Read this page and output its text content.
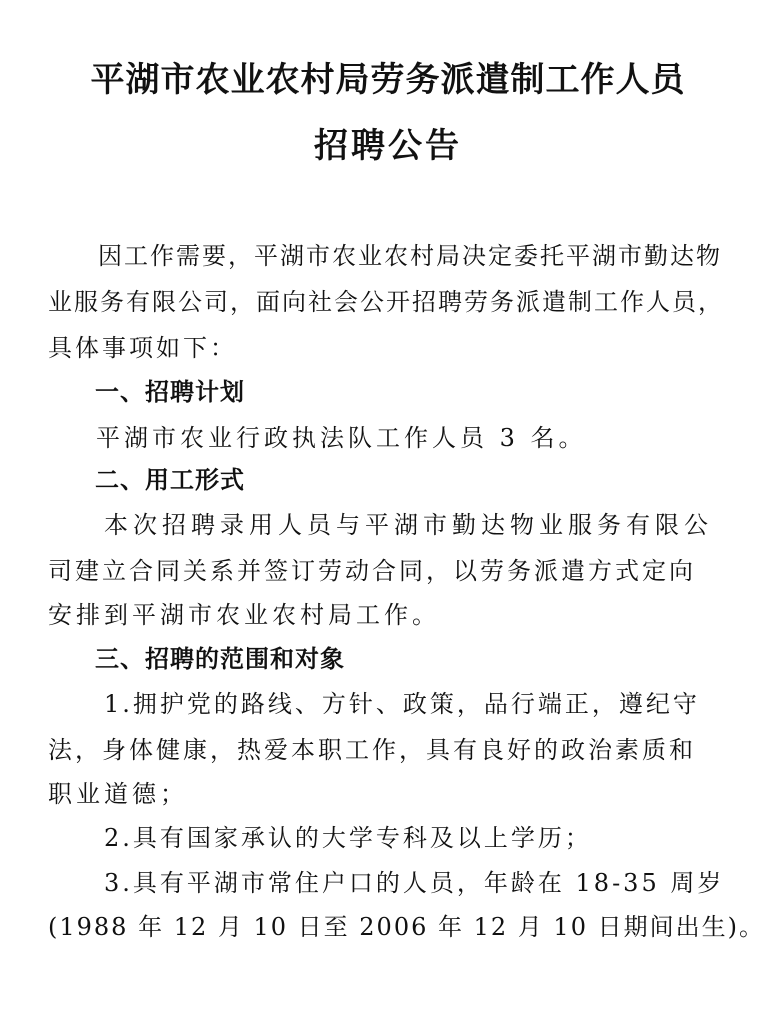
平湖市农业农村局劳务派遣制工作人员
招聘公告
因工作需要，平湖市农业农村局决定委托平湖市勤达物
业服务有限公司，面向社会公开招聘劳务派遣制工作人员，
具体事项如下：
一、招聘计划
平湖市农业行政执法队工作人员 3 名。
二、用工形式
本次招聘录用人员与平湖市勤达物业服务有限公
司建立合同关系并签订劳动合同，以劳务派遣方式定向
安排到平湖市农业农村局工作。
三、招聘的范围和对象
1.拥护党的路线、方针、政策，品行端正，遵纪守
法，身体健康，热爱本职工作，具有良好的政治素质和
职业道德；
2.具有国家承认的大学专科及以上学历；
3.具有平湖市常住户口的人员，年龄在 18-35 周岁
(1988 年 12 月 10 日至 2006 年 12 月 10 日期间出生)。
